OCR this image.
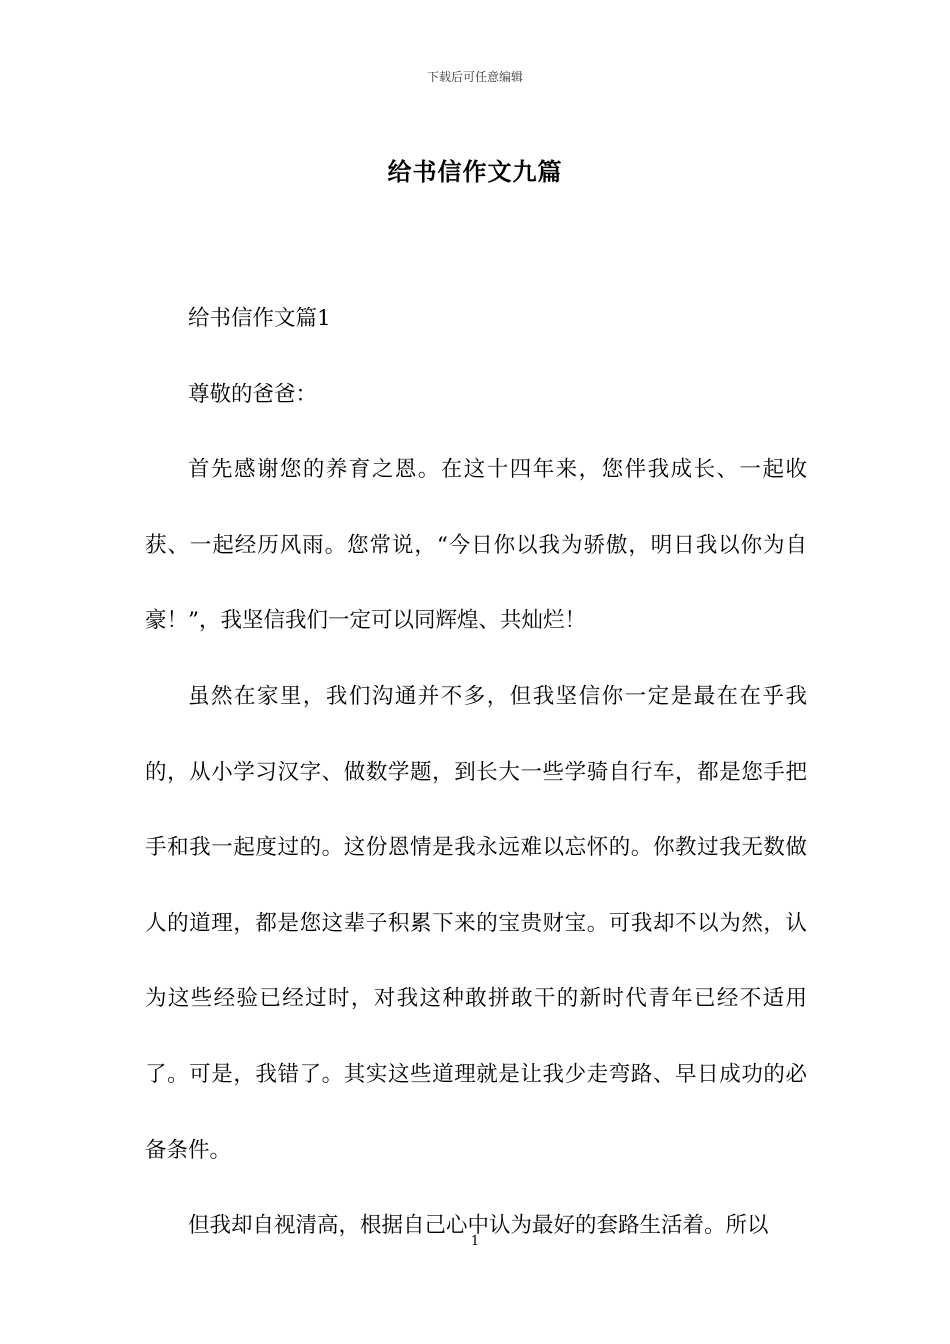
下载后可任意编辑
给书信作文九篇

给书信作文篇1

尊敬的爸爸：

首先感谢您的养育之恩。在这十四年来，您伴我成长、一起收获、一起经历风雨。您常说，“今日你以我为骄傲，明日我以你为自豪！”，我坚信我们一定可以同辉煌、共灿烂！

虽然在家里，我们沟通并不多，但我坚信你一定是最在在乎我的，从小学习汉字、做数学题，到长大一些学骑自行车，都是您手把手和我一起度过的。这份恩情是我永远难以忘怀的。你教过我无数做人的道理，都是您这辈子积累下来的宝贵财宝。可我却不以为然，认为这些经验已经过时，对我这种敢拼敢干的新时代青年已经不适用了。可是，我错了。其实这些道理就是让我少走弯路、早日成功的必备条件。

但我却自视清高，根据自己心中认为最好的套路生活着。所以

1
